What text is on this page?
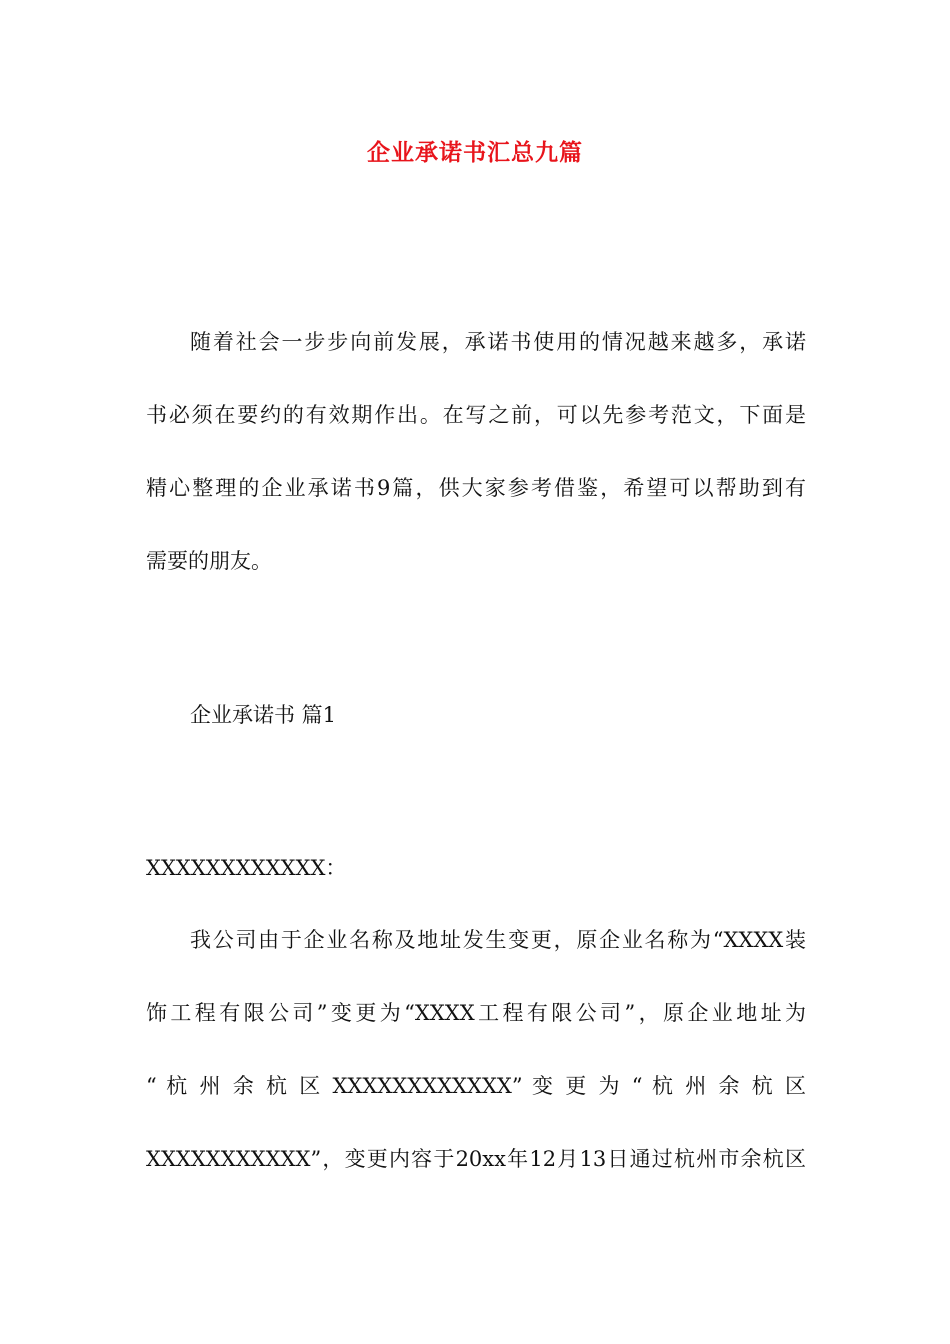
企业承诺书汇总九篇
随着社会一步步向前发展，承诺书使用的情况越来越多，承诺
书必须在要约的有效期作出。在写之前，可以先参考范文，下面是
精心整理的企业承诺书9篇，供大家参考借鉴，希望可以帮助到有
需要的朋友。
企业承诺书 篇1
XXXXXXXXXXXX：
我公司由于企业名称及地址发生变更，原企业名称为“XXXX装
饰工程有限公司”变更为“XXXX工程有限公司”，原企业地址为
“ 杭 州 余 杭 区 XXXXXXXXXXXX” 变 更 为 “ 杭 州 余 杭 区
XXXXXXXXXXX”，变更内容于20xx年12月13日通过杭州市余杭区
